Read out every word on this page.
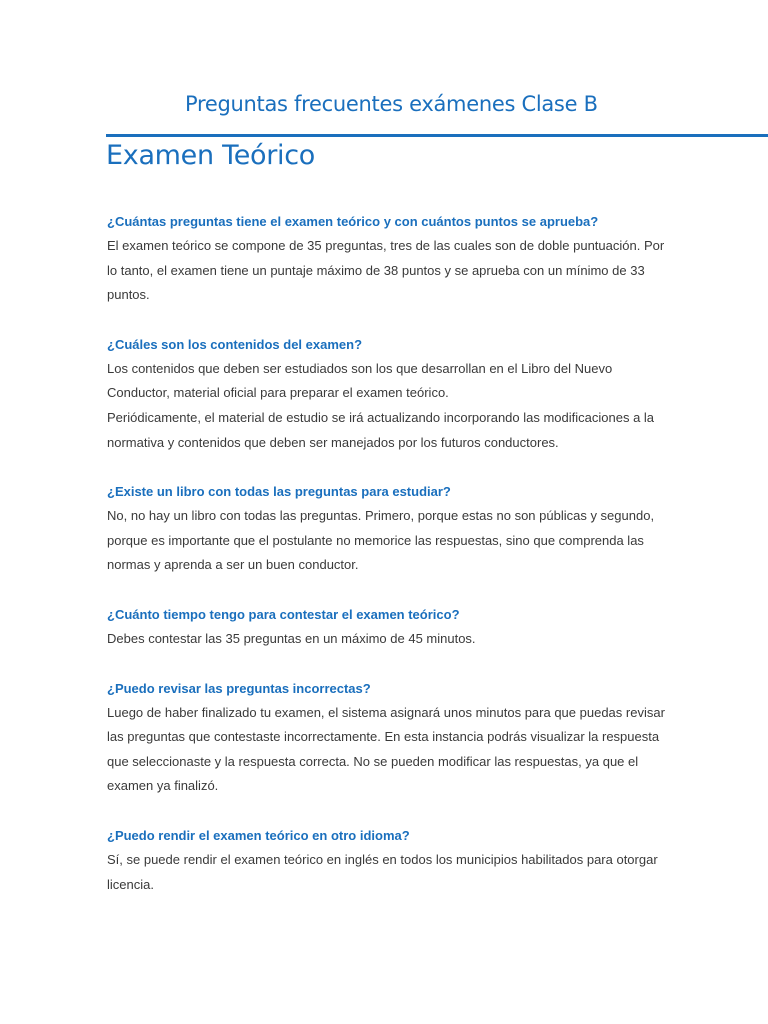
Preguntas frecuentes exámenes Clase B
Examen Teórico
¿Cuántas preguntas tiene el examen teórico y con cuántos puntos se aprueba?

El examen teórico se compone de 35 preguntas, tres de las cuales son de doble puntuación. Por lo tanto, el examen tiene un puntaje máximo de 38 puntos y se aprueba con un mínimo de 33 puntos.

¿Cuáles son los contenidos del examen?

Los contenidos que deben ser estudiados son los que desarrollan en el Libro del Nuevo Conductor, material oficial para preparar el examen teórico.

Periódicamente, el material de estudio se irá actualizando incorporando las modificaciones a la normativa y contenidos que deben ser manejados por los futuros conductores.

¿Existe un libro con todas las preguntas para estudiar?

No, no hay un libro con todas las preguntas. Primero, porque estas no son públicas y segundo, porque es importante que el postulante no memorice las respuestas, sino que comprenda las normas y aprenda a ser un buen conductor.

¿Cuánto tiempo tengo para contestar el examen teórico?

Debes contestar las 35 preguntas en un máximo de 45 minutos.

¿Puedo revisar las preguntas incorrectas?

Luego de haber finalizado tu examen, el sistema asignará unos minutos para que puedas revisar las preguntas que contestaste incorrectamente. En esta instancia podrás visualizar la respuesta que seleccionaste y la respuesta correcta. No se pueden modificar las respuestas, ya que el examen ya finalizó.

¿Puedo rendir el examen teórico en otro idioma?

Sí, se puede rendir el examen teórico en inglés en todos los municipios habilitados para otorgar licencia.
